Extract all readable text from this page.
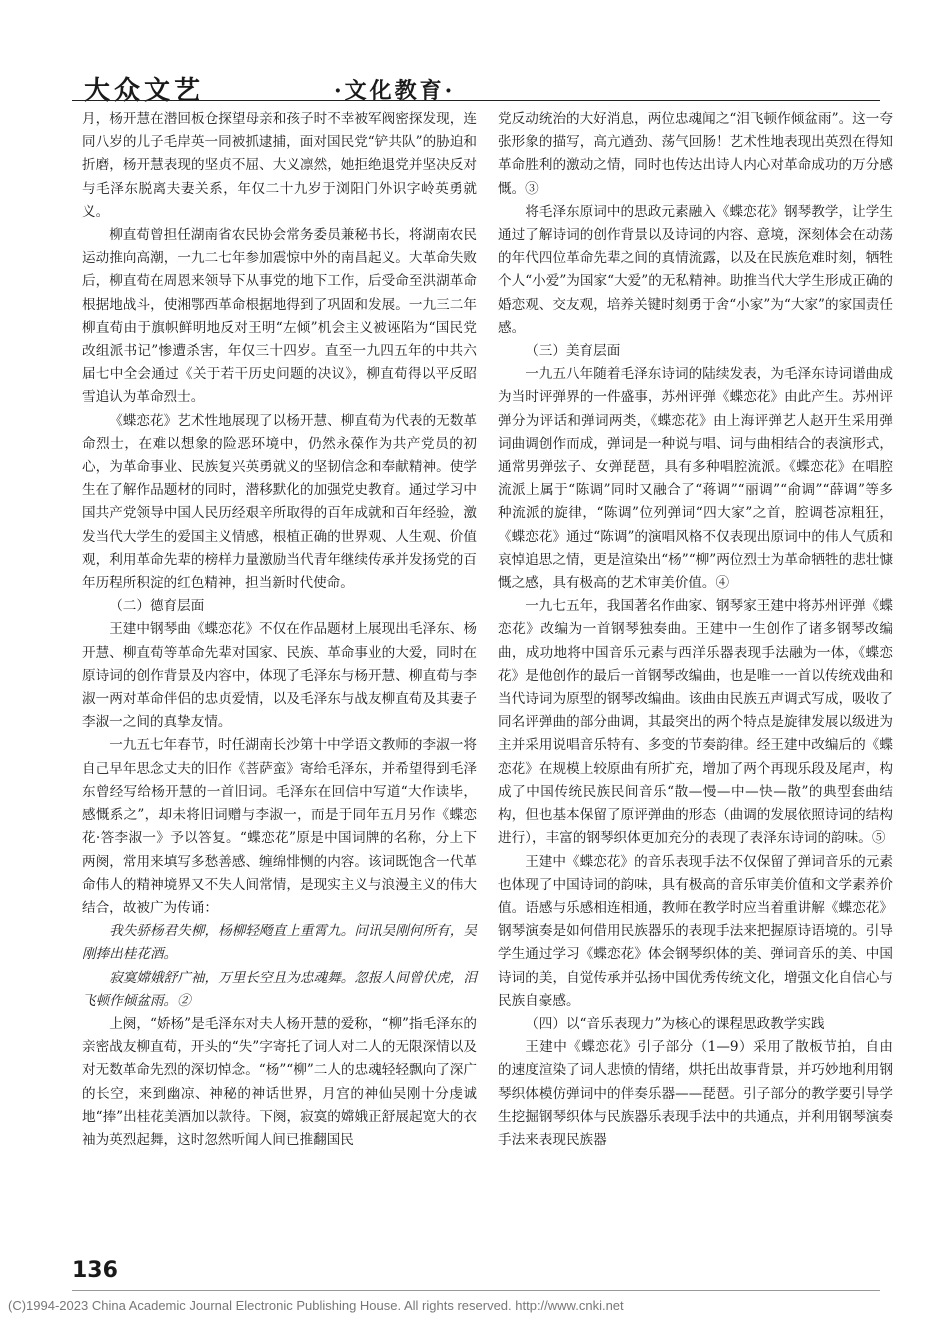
大众文艺	·文化教育·

月，杨开慧在潜回板仓探望母亲和孩子时不幸被军阀密探发现，连同八岁的儿子毛岸英一同被抓逮捕，面对国民党“铲共队”的胁迫和折磨，杨开慧表现的坚贞不屈、大义凛然，她拒绝退党并坚决反对与毛泽东脱离夫妻关系，年仅二十九岁于浏阳门外识字岭英勇就义。

柳直荀曾担任湖南省农民协会常务委员兼秘书长，将湖南农民运动推向高潮，一九二七年参加震惊中外的南昌起义。大革命失败后，柳直荀在周恩来领导下从事党的地下工作，后受命至洪湖革命根据地战斗，使湘鄂西革命根据地得到了巩固和发展。一九三二年柳直荀由于旗帜鲜明地反对王明“左倾”机会主义被诬陷为“国民党改组派书记”惨遭杀害，年仅三十四岁。直至一九四五年的中共六届七中全会通过《关于若干历史问题的决议》，柳直荀得以平反昭雪追认为革命烈士。

《蝶恋花》艺术性地展现了以杨开慧、柳直荀为代表的无数革命烈士，在难以想象的险恶环境中，仍然永葆作为共产党员的初心，为革命事业、民族复兴英勇就义的坚韧信念和奉献精神。使学生在了解作品题材的同时，潜移默化的加强党史教育。通过学习中国共产党领导中国人民历经艰辛所取得的百年成就和百年经验，激发当代大学生的爱国主义情感，根植正确的世界观、人生观、价值观，利用革命先辈的榜样力量激励当代青年继续传承并发扬党的百年历程所积淀的红色精神，担当新时代使命。

（二）德育层面

王建中钢琴曲《蝶恋花》不仅在作品题材上展现出毛泽东、杨开慧、柳直荀等革命先辈对国家、民族、革命事业的大爱，同时在原诗词的创作背景及内容中，体现了毛泽东与杨开慧、柳直荀与李淑一两对革命伴侣的忠贞爱情，以及毛泽东与战友柳直荀及其妻子李淑一之间的真挚友情。

一九五七年春节，时任湖南长沙第十中学语文教师的李淑一将自己早年思念丈夫的旧作《菩萨蛮》寄给毛泽东，并希望得到毛泽东曾经写给杨开慧的一首旧词。毛泽东在回信中写道“大作读毕，感慨系之”，却未将旧词赠与李淑一，而是于同年五月另作《蝶恋花·答李淑一》予以答复。“蝶恋花”原是中国词牌的名称，分上下两阕，常用来填写多愁善感、缠绵悱恻的内容。该词既饱含一代革命伟人的精神境界又不失人间常情，是现实主义与浪漫主义的伟大结合，故被广为传诵：

我失骄杨君失柳，杨柳轻飏直上重霄九。问讯吴刚何所有，吴刚捧出桂花酒。

寂寞嫦娥舒广袖，万里长空且为忠魂舞。忽报人间曾伏虎，泪飞顿作倾盆雨。②

上阕，“娇杨”是毛泽东对夫人杨开慧的爱称，“柳”指毛泽东的亲密战友柳直荀，开头的“失”字寄托了词人对二人的无限深情以及对无数革命先烈的深切悼念。“杨”“柳”二人的忠魂轻轻飘向了深广的长空，来到幽凉、神秘的神话世界，月宫的神仙吴刚十分虔诚地“捧”出桂花美酒加以款待。下阕，寂寞的嫦娥正舒展起宽大的衣袖为英烈起舞，这时忽然听闻人间已推翻国民

党反动统治的大好消息，两位忠魂闻之“泪飞顿作倾盆雨”。这一夸张形象的描写，高亢遒劲、荡气回肠！艺术性地表现出英烈在得知革命胜利的激动之情，同时也传达出诗人内心对革命成功的万分感慨。③

将毛泽东原词中的思政元素融入《蝶恋花》钢琴教学，让学生通过了解诗词的创作背景以及诗词的内容、意境，深刻体会在动荡的年代四位革命先辈之间的真情流露，以及在民族危难时刻，牺牲个人“小爱”为国家“大爱”的无私精神。助推当代大学生形成正确的婚恋观、交友观，培养关键时刻勇于舍“小家”为“大家”的家国责任感。

（三）美育层面

一九五八年随着毛泽东诗词的陆续发表，为毛泽东诗词谱曲成为当时评弹界的一件盛事，苏州评弹《蝶恋花》由此产生。苏州评弹分为评话和弹词两类，《蝶恋花》由上海评弹艺人赵开生采用弹词曲调创作而成，弹词是一种说与唱、词与曲相结合的表演形式，通常男弹弦子、女弹琵琶，具有多种唱腔流派。《蝶恋花》在唱腔流派上属于“陈调”同时又融合了“蒋调”“丽调”“俞调”“薛调”等多种流派的旋律，“陈调”位列弹词“四大家”之首，腔调苍凉粗狂，《蝶恋花》通过“陈调”的演唱风格不仅表现出原词中的伟人气质和哀悼追思之情，更是渲染出“杨”“柳”两位烈士为革命牺牲的悲壮慷慨之感，具有极高的艺术审美价值。④

一九七五年，我国著名作曲家、钢琴家王建中将苏州评弹《蝶恋花》改编为一首钢琴独奏曲。王建中一生创作了诸多钢琴改编曲，成功地将中国音乐元素与西洋乐器表现手法融为一体，《蝶恋花》是他创作的最后一首钢琴改编曲，也是唯一一首以传统戏曲和当代诗词为原型的钢琴改编曲。该曲由民族五声调式写成，吸收了同名评弹曲的部分曲调，其最突出的两个特点是旋律发展以级进为主并采用说唱音乐特有、多变的节奏韵律。经王建中改编后的《蝶恋花》在规模上较原曲有所扩充，增加了两个再现乐段及尾声，构成了中国传统民族民间音乐“散—慢—中—快—散”的典型套曲结构，但也基本保留了原评弹曲的形态（曲调的发展依照诗词的结构进行），丰富的钢琴织体更加充分的表现了表泽东诗词的韵味。⑤

王建中《蝶恋花》的音乐表现手法不仅保留了弹词音乐的元素也体现了中国诗词的韵味，具有极高的音乐审美价值和文学素养价值。语感与乐感相连相通，教师在教学时应当着重讲解《蝶恋花》钢琴演奏是如何借用民族器乐的表现手法来把握原诗语境的。引导学生通过学习《蝶恋花》体会钢琴织体的美、弹词音乐的美、中国诗词的美，自觉传承并弘扬中国优秀传统文化，增强文化自信心与民族自豪感。

（四）以“音乐表现力”为核心的课程思政教学实践

王建中《蝶恋花》引子部分（1—9）采用了散板节拍，自由的速度渲染了词人悲愤的情绪，烘托出故事背景，并巧妙地利用钢琴织体模仿弹词中的伴奏乐器——琵琶。引子部分的教学要引导学生挖掘钢琴织体与民族器乐表现手法中的共通点，并利用钢琴演奏手法来表现民族器

136
(C)1994-2023 China Academic Journal Electronic Publishing House. All rights reserved. http://www.cnki.net
